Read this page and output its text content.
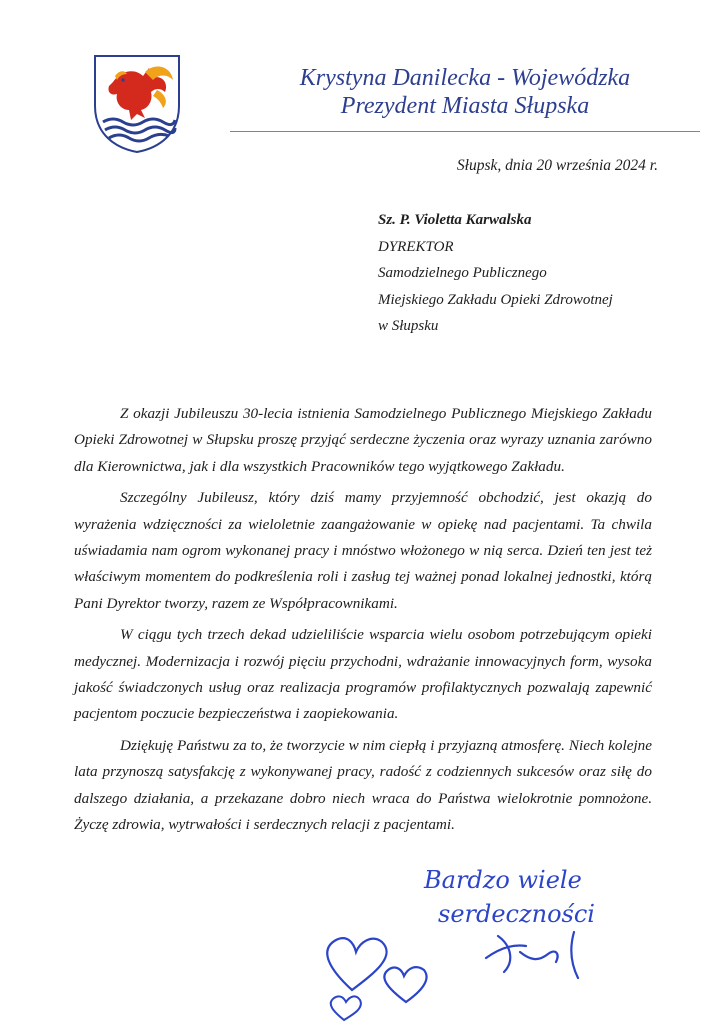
Krystyna Danilecka - Wojewódzka
Prezydent Miasta Słupska
Słupsk, dnia 20 września 2024 r.
Sz. P. Violetta Karwalska
DYREKTOR
Samodzielnego Publicznego
Miejskiego Zakładu Opieki Zdrowotnej
w Słupsku

Z okazji Jubileuszu 30-lecia istnienia Samodzielnego Publicznego Miejskiego Zakładu Opieki Zdrowotnej w Słupsku proszę przyjąć serdeczne życzenia oraz wyrazy uznania zarówno dla Kierownictwa, jak i dla wszystkich Pracowników tego wyjątkowego Zakładu.

Szczególny Jubileusz, który dziś mamy przyjemność obchodzić, jest okazją do wyrażenia wdzięczności za wieloletnie zaangażowanie w opiekę nad pacjentami. Ta chwila uświadamia nam ogrom wykonanej pracy i mnóstwo włożonego w nią serca. Dzień ten jest też właściwym momentem do podkreślenia roli i zasług tej ważnej ponad lokalnej jednostki, którą Pani Dyrektor tworzy, razem ze Współpracownikami.

W ciągu tych trzech dekad udzieliliście wsparcia wielu osobom potrzebującym opieki medycznej. Modernizacja i rozwój pięciu przychodni, wdrażanie innowacyjnych form, wysoka jakość świadczonych usług oraz realizacja programów profilaktycznych pozwalają zapewnić pacjentom poczucie bezpieczeństwa i zaopiekowania.

Dziękuję Państwu za to, że tworzycie w nim ciepłą i przyjazną atmosferę. Niech kolejne lata przynoszą satysfakcję z wykonywanej pracy, radość z codziennych sukcesów oraz siłę do dalszego działania, a przekazane dobro niech wraca do Państwa wielokrotnie pomnożone. Życzę zdrowia, wytrwałości i serdecznych relacji z pacjentami.

Bardzo wiele
serdeczności
